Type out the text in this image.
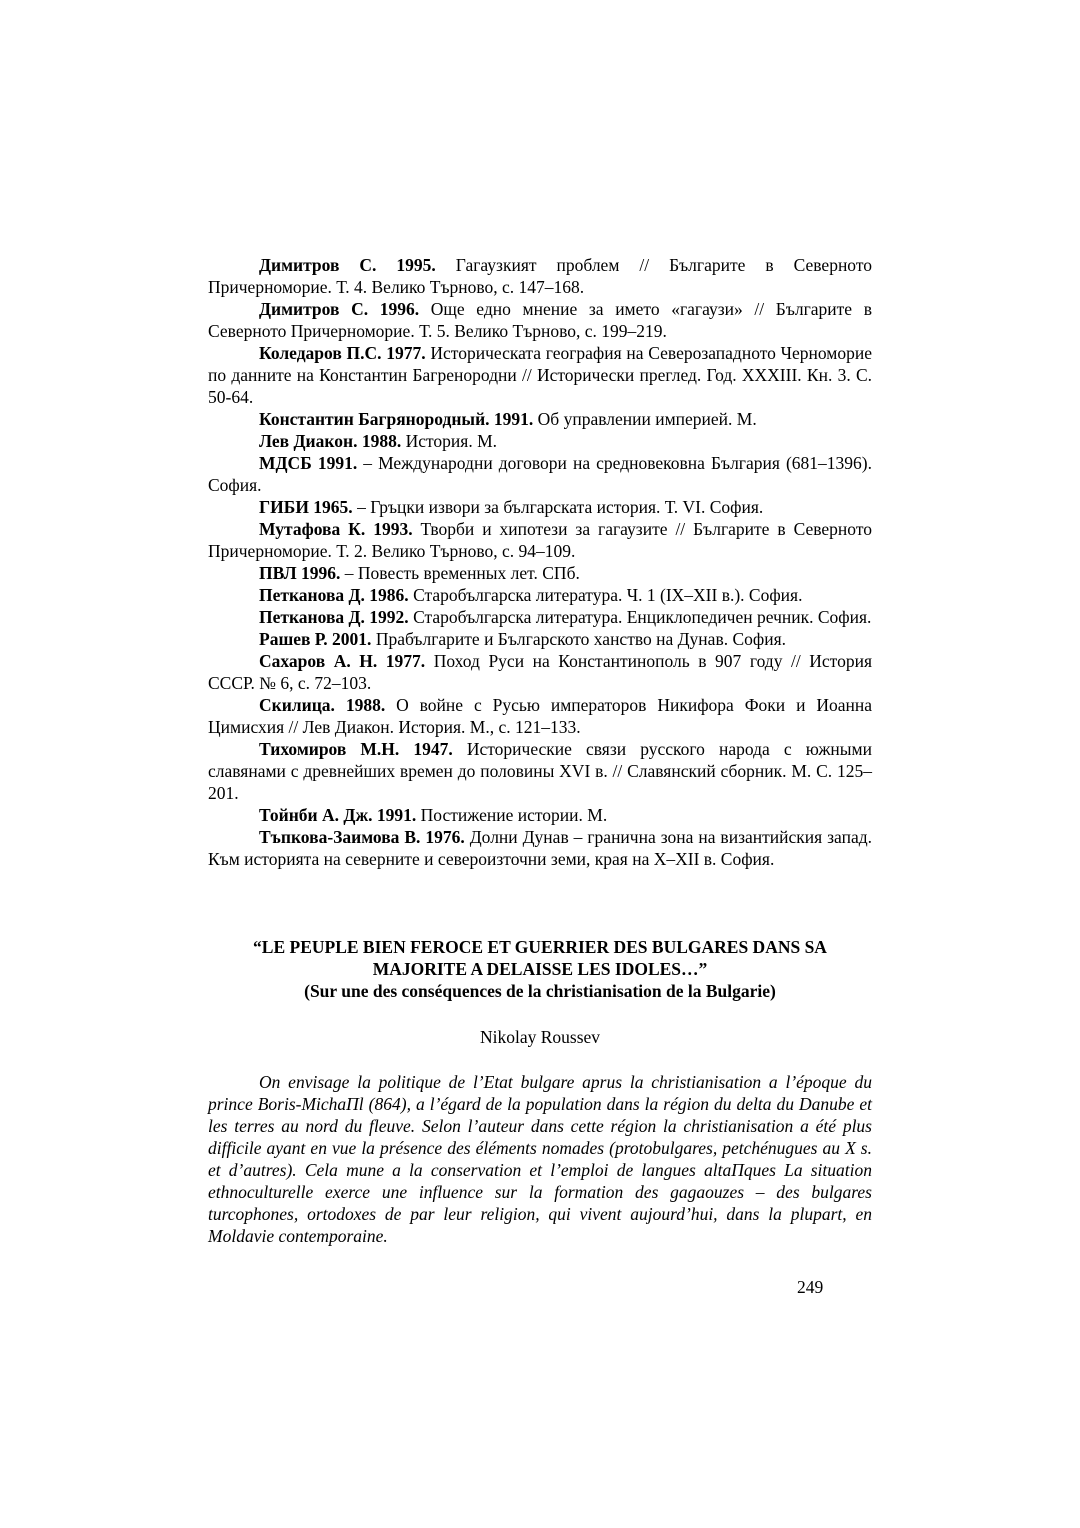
Димитров С. 1995. Гагаузкият проблем // Българите в Северното Причерноморие. Т. 4. Велико Търново, с. 147–168.

Димитров С. 1996. Още едно мнение за името «гагаузи» // Българите в Северното Причерноморие. Т. 5. Велико Търново, с. 199–219.

Коледаров П.С. 1977. Историческата география на Северозападното Черноморие по данните на Константин Багренородни // Исторически преглед. Год. XXXIII. Кн. 3. С. 50-64.

Константин Багрянородный. 1991. Об управлении империей. М.

Лев Диакон. 1988. История. М.

МДСБ 1991. – Международни договори на средновековна България (681–1396). София.

ГИБИ 1965. – Гръцки извори за българската история. Т. VI. София.

Мутафова К. 1993. Творби и хипотези за гагаузите // Българите в Северното Причерноморие. Т. 2. Велико Търново, с. 94–109.

ПВЛ 1996. – Повесть временных лет. СПб.

Петканова Д. 1986. Старобългарска литература. Ч. 1 (IX–XII в.). София.

Петканова Д. 1992. Старобългарска литература. Енциклопедичен речник. София.

Рашев Р. 2001. Прабългарите и Българското ханство на Дунав. София.

Сахаров А. Н. 1977. Поход Руси на Константинополь в 907 году // История СССР. № 6, с. 72–103.

Скилица. 1988. О войне с Русью императоров Никифора Фоки и Иоанна Цимисхия // Лев Диакон. История. М., с. 121–133.

Тихомиров М.Н. 1947. Исторические связи русского народа с южными славянами с древнейших времен до половины XVI в. // Славянский сборник. М. С. 125–201.

Тойнби А. Дж. 1991. Постижение истории. М.

Тъпкова-Заимова В. 1976. Долни Дунав – гранична зона на византийския запад. Към историята на северните и североизточни земи, края на X–XII в. София.

“LE PEUPLE BIEN FEROCE ET GUERRIER DES BULGARES DANS SA
MAJORITE A DELAISSE LES IDOLES…”
(Sur une des conséquences de la christianisation de la Bulgarie)
Nikolay Roussev

On envisage la politique de l’Etat bulgare aprus la christianisation a l’époque du prince Boris-MichaПl (864), a l’égard de la population dans la région du delta du Danube et les terres au nord du fleuve. Selon l’auteur dans cette région la christianisation a été plus difficile ayant en vue la présence des éléments nomades (protobulgares, petchénugues au X s. et d’autres). Cela mune a la conservation et l’emploi de langues altaПques La situation ethnoculturelle exerce une influence sur la formation des gagaouzes – des bulgares turcophones, ortodoxes de par leur religion, qui vivent aujourd’hui, dans la plupart, en Moldavie contemporaine.

249
